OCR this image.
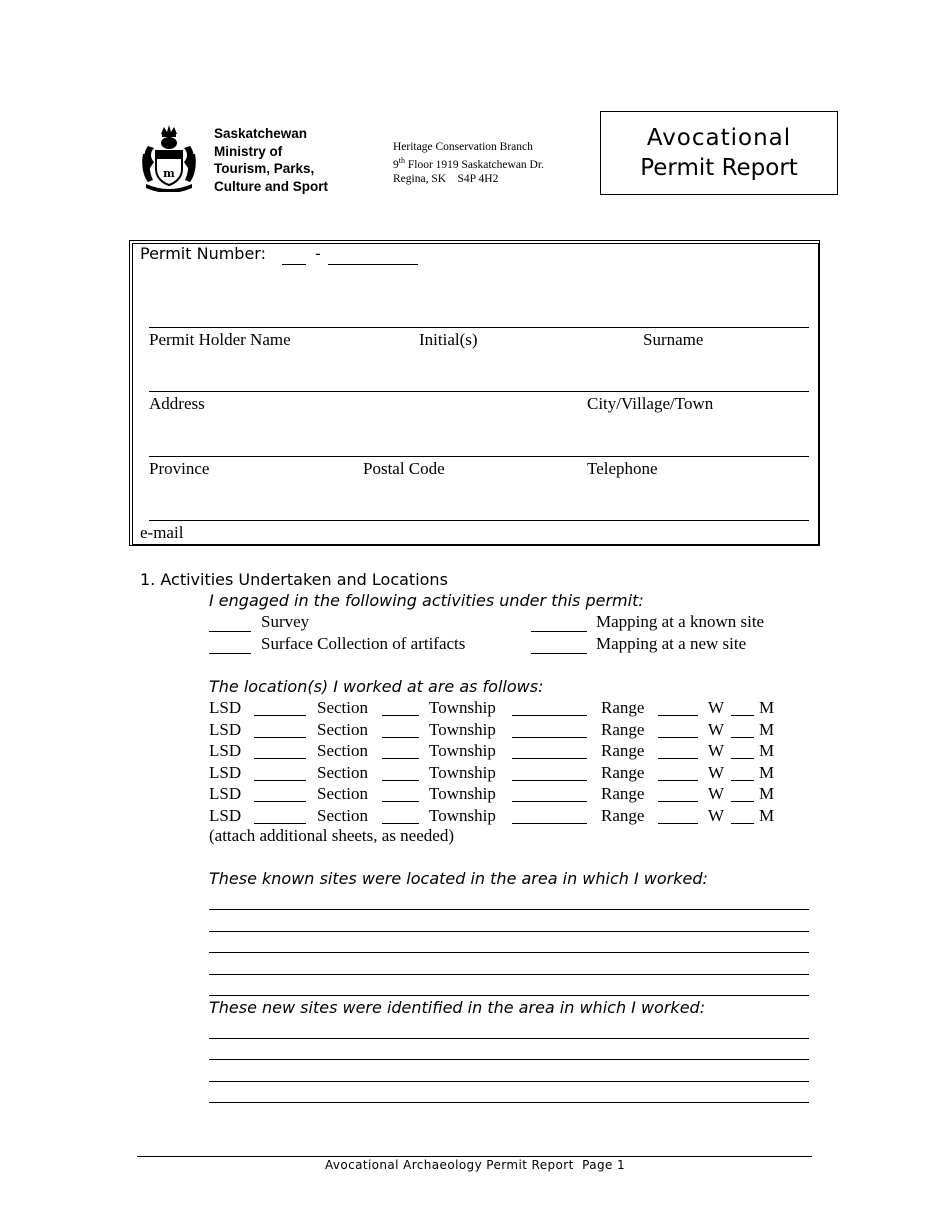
m
Saskatchewan
Ministry of
Tourism, Parks,
Culture and Sport
Heritage Conservation Branch
9th Floor 1919 Saskatchewan Dr.
Regina, SK    S4P 4H2
Avocational
Permit Report
Permit Number:	-
Permit Holder Name	Initial(s)	Surname
Address	City/Village/Town
Province	Postal Code	Telephone
e-mail
1. Activities Undertaken and Locations
I engaged in the following activities under this permit:
Survey	Mapping at a known site
Surface Collection of artifacts	Mapping at a new site
The location(s) I worked at are as follows:
LSD	Section	Township	Range	W M
LSD	Section	Township	Range	W M
LSD	Section	Township	Range	W M
LSD	Section	Township	Range	W M
LSD	Section	Township	Range	W M
LSD	Section	Township	Range	W M
(attach additional sheets, as needed)
These known sites were located in the area in which I worked:
These new sites were identified in the area in which I worked:
Avocational Archaeology Permit Report  Page 1
